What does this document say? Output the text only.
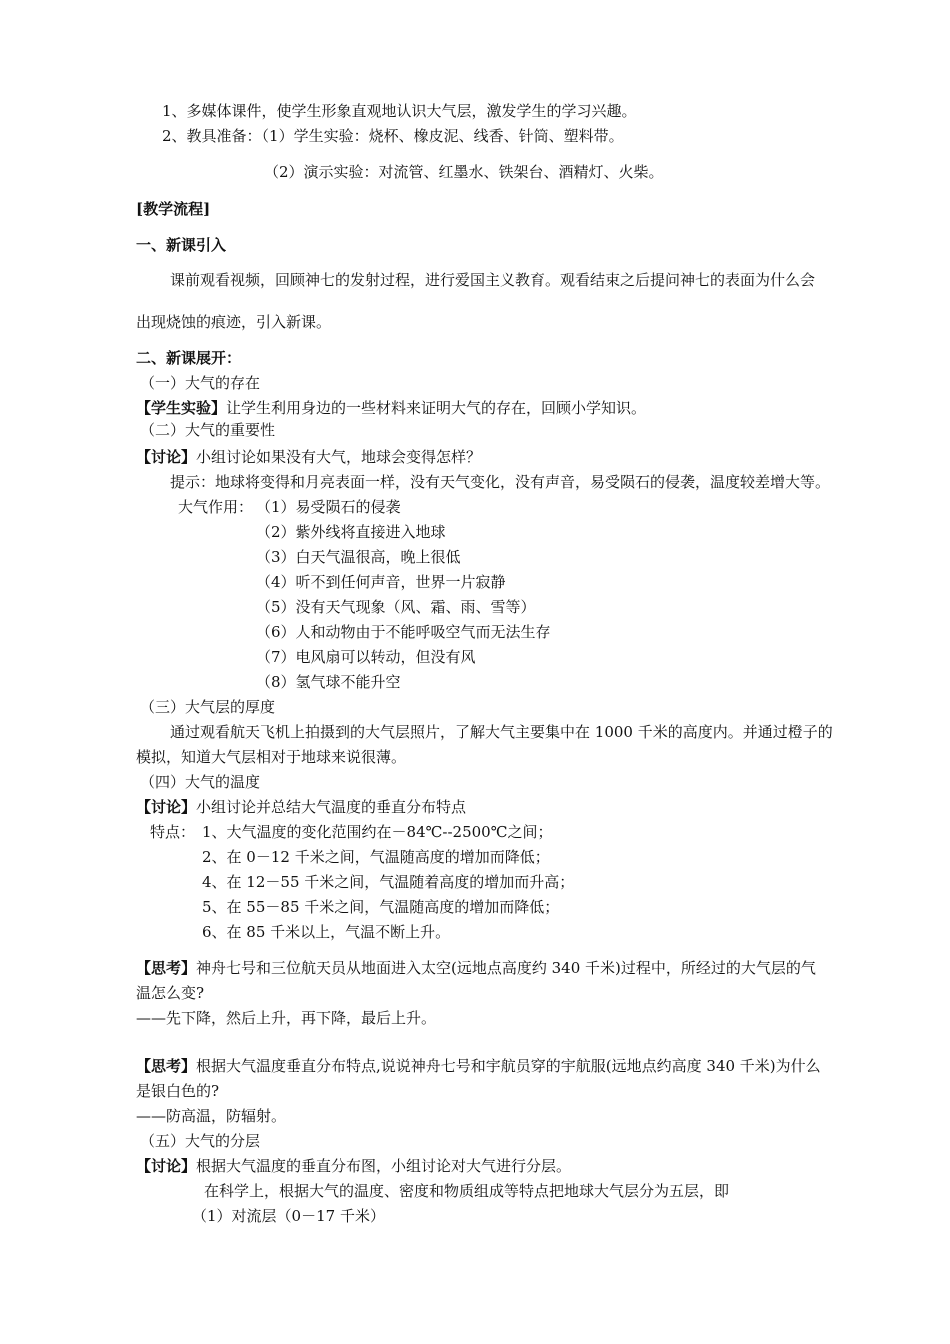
1、多媒体课件，使学生形象直观地认识大气层，激发学生的学习兴趣。
2、教具准备：（1）学生实验：烧杯、橡皮泥、线香、针筒、塑料带。
（2）演示实验：对流管、红墨水、铁架台、酒精灯、火柴。
[教学流程]
一、新课引入
课前观看视频，回顾神七的发射过程，进行爱国主义教育。观看结束之后提问神七的表面为什么会
出现烧蚀的痕迹，引入新课。
二、新课展开：
（一）大气的存在
【学生实验】让学生利用身边的一些材料来证明大气的存在，回顾小学知识。
（二）大气的重要性
【讨论】小组讨论如果没有大气，地球会变得怎样？
提示：地球将变得和月亮表面一样，没有天气变化，没有声音，易受陨石的侵袭，温度较差增大等。
大气作用： （1）易受陨石的侵袭
（2）紫外线将直接进入地球
（3）白天气温很高，晚上很低
（4）听不到任何声音，世界一片寂静
（5）没有天气现象（风、霜、雨、雪等）
（6）人和动物由于不能呼吸空气而无法生存
（7）电风扇可以转动，但没有风
（8）氢气球不能升空
（三）大气层的厚度
通过观看航天飞机上拍摄到的大气层照片，了解大气主要集中在 1000 千米的高度内。并通过橙子的
模拟，知道大气层相对于地球来说很薄。
（四）大气的温度
【讨论】小组讨论并总结大气温度的垂直分布特点
特点： 1、大气温度的变化范围约在－84℃--2500℃之间；
2、在 0－12 千米之间，气温随高度的增加而降低；
4、在 12－55 千米之间，气温随着高度的增加而升高；
5、在 55－85 千米之间，气温随高度的增加而降低；
6、在 85 千米以上，气温不断上升。
【思考】神舟七号和三位航天员从地面进入太空(远地点高度约 340 千米)过程中，所经过的大气层的气
温怎么变?
——先下降，然后上升，再下降，最后上升。
【思考】根据大气温度垂直分布特点,说说神舟七号和宇航员穿的宇航服(远地点约高度 340 千米)为什么
是银白色的?
——防高温，防辐射。
（五）大气的分层
【讨论】根据大气温度的垂直分布图，小组讨论对大气进行分层。
在科学上，根据大气的温度、密度和物质组成等特点把地球大气层分为五层，即
（1）对流层（0－17 千米）
